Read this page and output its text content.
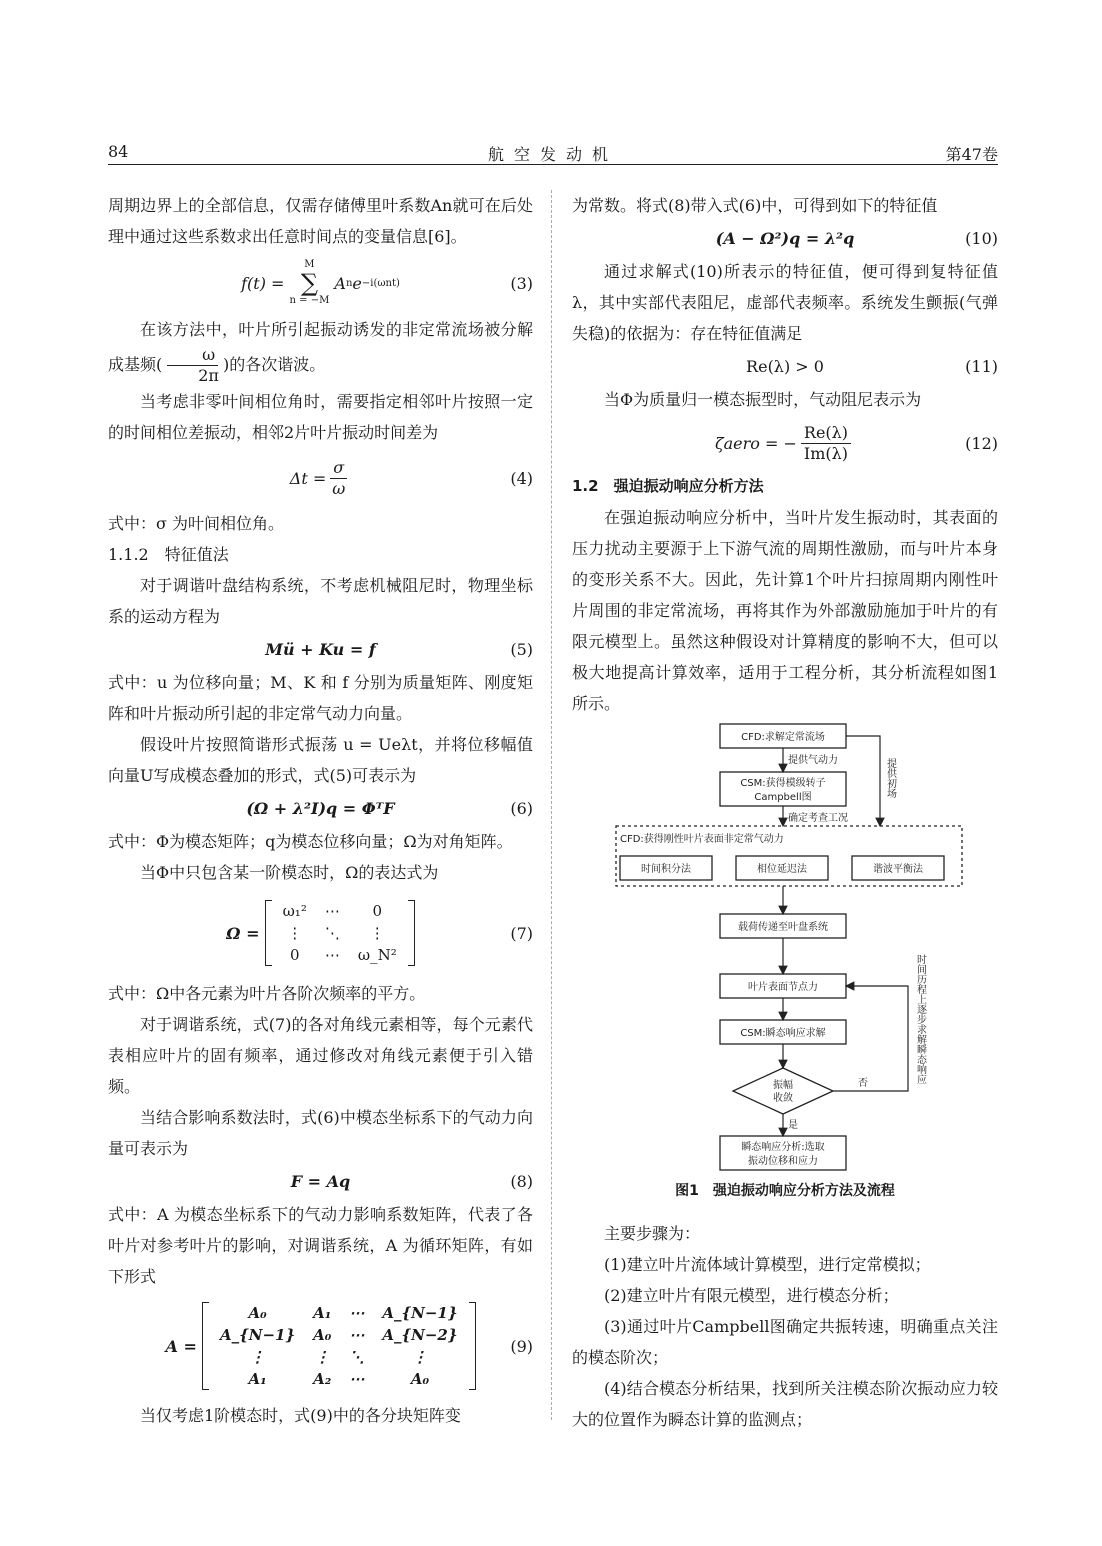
84	航空发动机	第47卷

周期边界上的全部信息，仅需存储傅里叶系数An就可在后处理中通过这些系数求出任意时间点的变量信息[6]。

f(t) =

M
∑
n = −M

A n e −i(ωnt)	(3)

在该方法中，叶片所引起振动诱发的非定常流场被分解成基频( $\frac{\omega}{2\pi}$ )的各次谐波。

当考虑非零叶间相位角时，需要指定相邻叶片按照一定的时间相位差振动，相邻2片叶片振动时间差为

$\Delta t = \frac{\sigma}{\omega}$	(4)

式中：σ 为叶间相位角。

1.1.2　特征值法

对于调谐叶盘结构系统，不考虑机械阻尼时，物理坐标系的运动方程为

Mü + Ku = f	(5)

式中：u 为位移向量；M、K 和 f 分别为质量矩阵、刚度矩阵和叶片振动所引起的非定常气动力向量。

假设叶片按照简谐形式振荡 u = Ueλt，并将位移幅值向量U写成模态叠加的形式，式(5)可表示为

(Ω + λ²I)q = ΦᵀF	(6)

式中：Φ为模态矩阵；q为模态位移向量；Ω为对角矩阵。

当Φ中只包含某一阶模态时，Ω的表达式为

Ω =

ω₁²	⋯	0
⋮	⋱	⋮
0	⋯	ω_N²
(7)

式中：Ω中各元素为叶片各阶次频率的平方。

对于调谐系统，式(7)的各对角线元素相等，每个元素代表相应叶片的固有频率，通过修改对角线元素便于引入错频。

当结合影响系数法时，式(6)中模态坐标系下的气动力向量可表示为

F = Aq	(8)

式中：A 为模态坐标系下的气动力影响系数矩阵，代表了各叶片对参考叶片的影响，对调谐系统，A 为循环矩阵，有如下形式

A =

A₀	A₁	⋯	A_{N−1}
A_{N−1}	A₀	⋯	A_{N−2}
⋮	⋮	⋱	⋮
A₁	A₂	⋯	A₀
(9)

当仅考虑1阶模态时，式(9)中的各分块矩阵变

为常数。将式(8)带入式(6)中，可得到如下的特征值

(A − Ω²)q = λ²q	(10)

通过求解式(10)所表示的特征值，便可得到复特征值λ，其中实部代表阻尼，虚部代表频率。系统发生颤振(气弹失稳)的依据为：存在特征值满足

Re(λ) > 0	(11)

当Φ为质量归一模态振型时，气动阻尼表示为

ζaero = − $\frac{Re(\lambda)}{Im(\lambda)}$	(12)

1.2　强迫振动响应分析方法

在强迫振动响应分析中，当叶片发生振动时，其表面的压力扰动主要源于上下游气流的周期性激励，而与叶片本身的变形关系不大。因此，先计算1个叶片扫掠周期内刚性叶片周围的非定常流场，再将其作为外部激励施加于叶片的有限元模型上。虽然这种假设对计算精度的影响不大，但可以极大地提高计算效率，适用于工程分析，其分析流程如图1所示。

CFD:求解定常流场
提供气动力
CSM:获得模级转子
Campbell图
确定考查工况
CFD:获得刚性叶片表面非定常气动力
时间积分法	相位延迟法	谐波平衡法
载荷传递至叶盘系统
叶片表面节点力
CSM:瞬态响应求解
振幅
收敛
否
是
瞬态响应分析:选取
振动位移和应力
提供初场
时间历程上逐步求解瞬态响应
图1　强迫振动响应分析方法及流程

主要步骤为：

(1)建立叶片流体域计算模型，进行定常模拟；

(2)建立叶片有限元模型，进行模态分析；

(3)通过叶片Campbell图确定共振转速，明确重点关注的模态阶次；

(4)结合模态分析结果，找到所关注模态阶次振动应力较大的位置作为瞬态计算的监测点；
